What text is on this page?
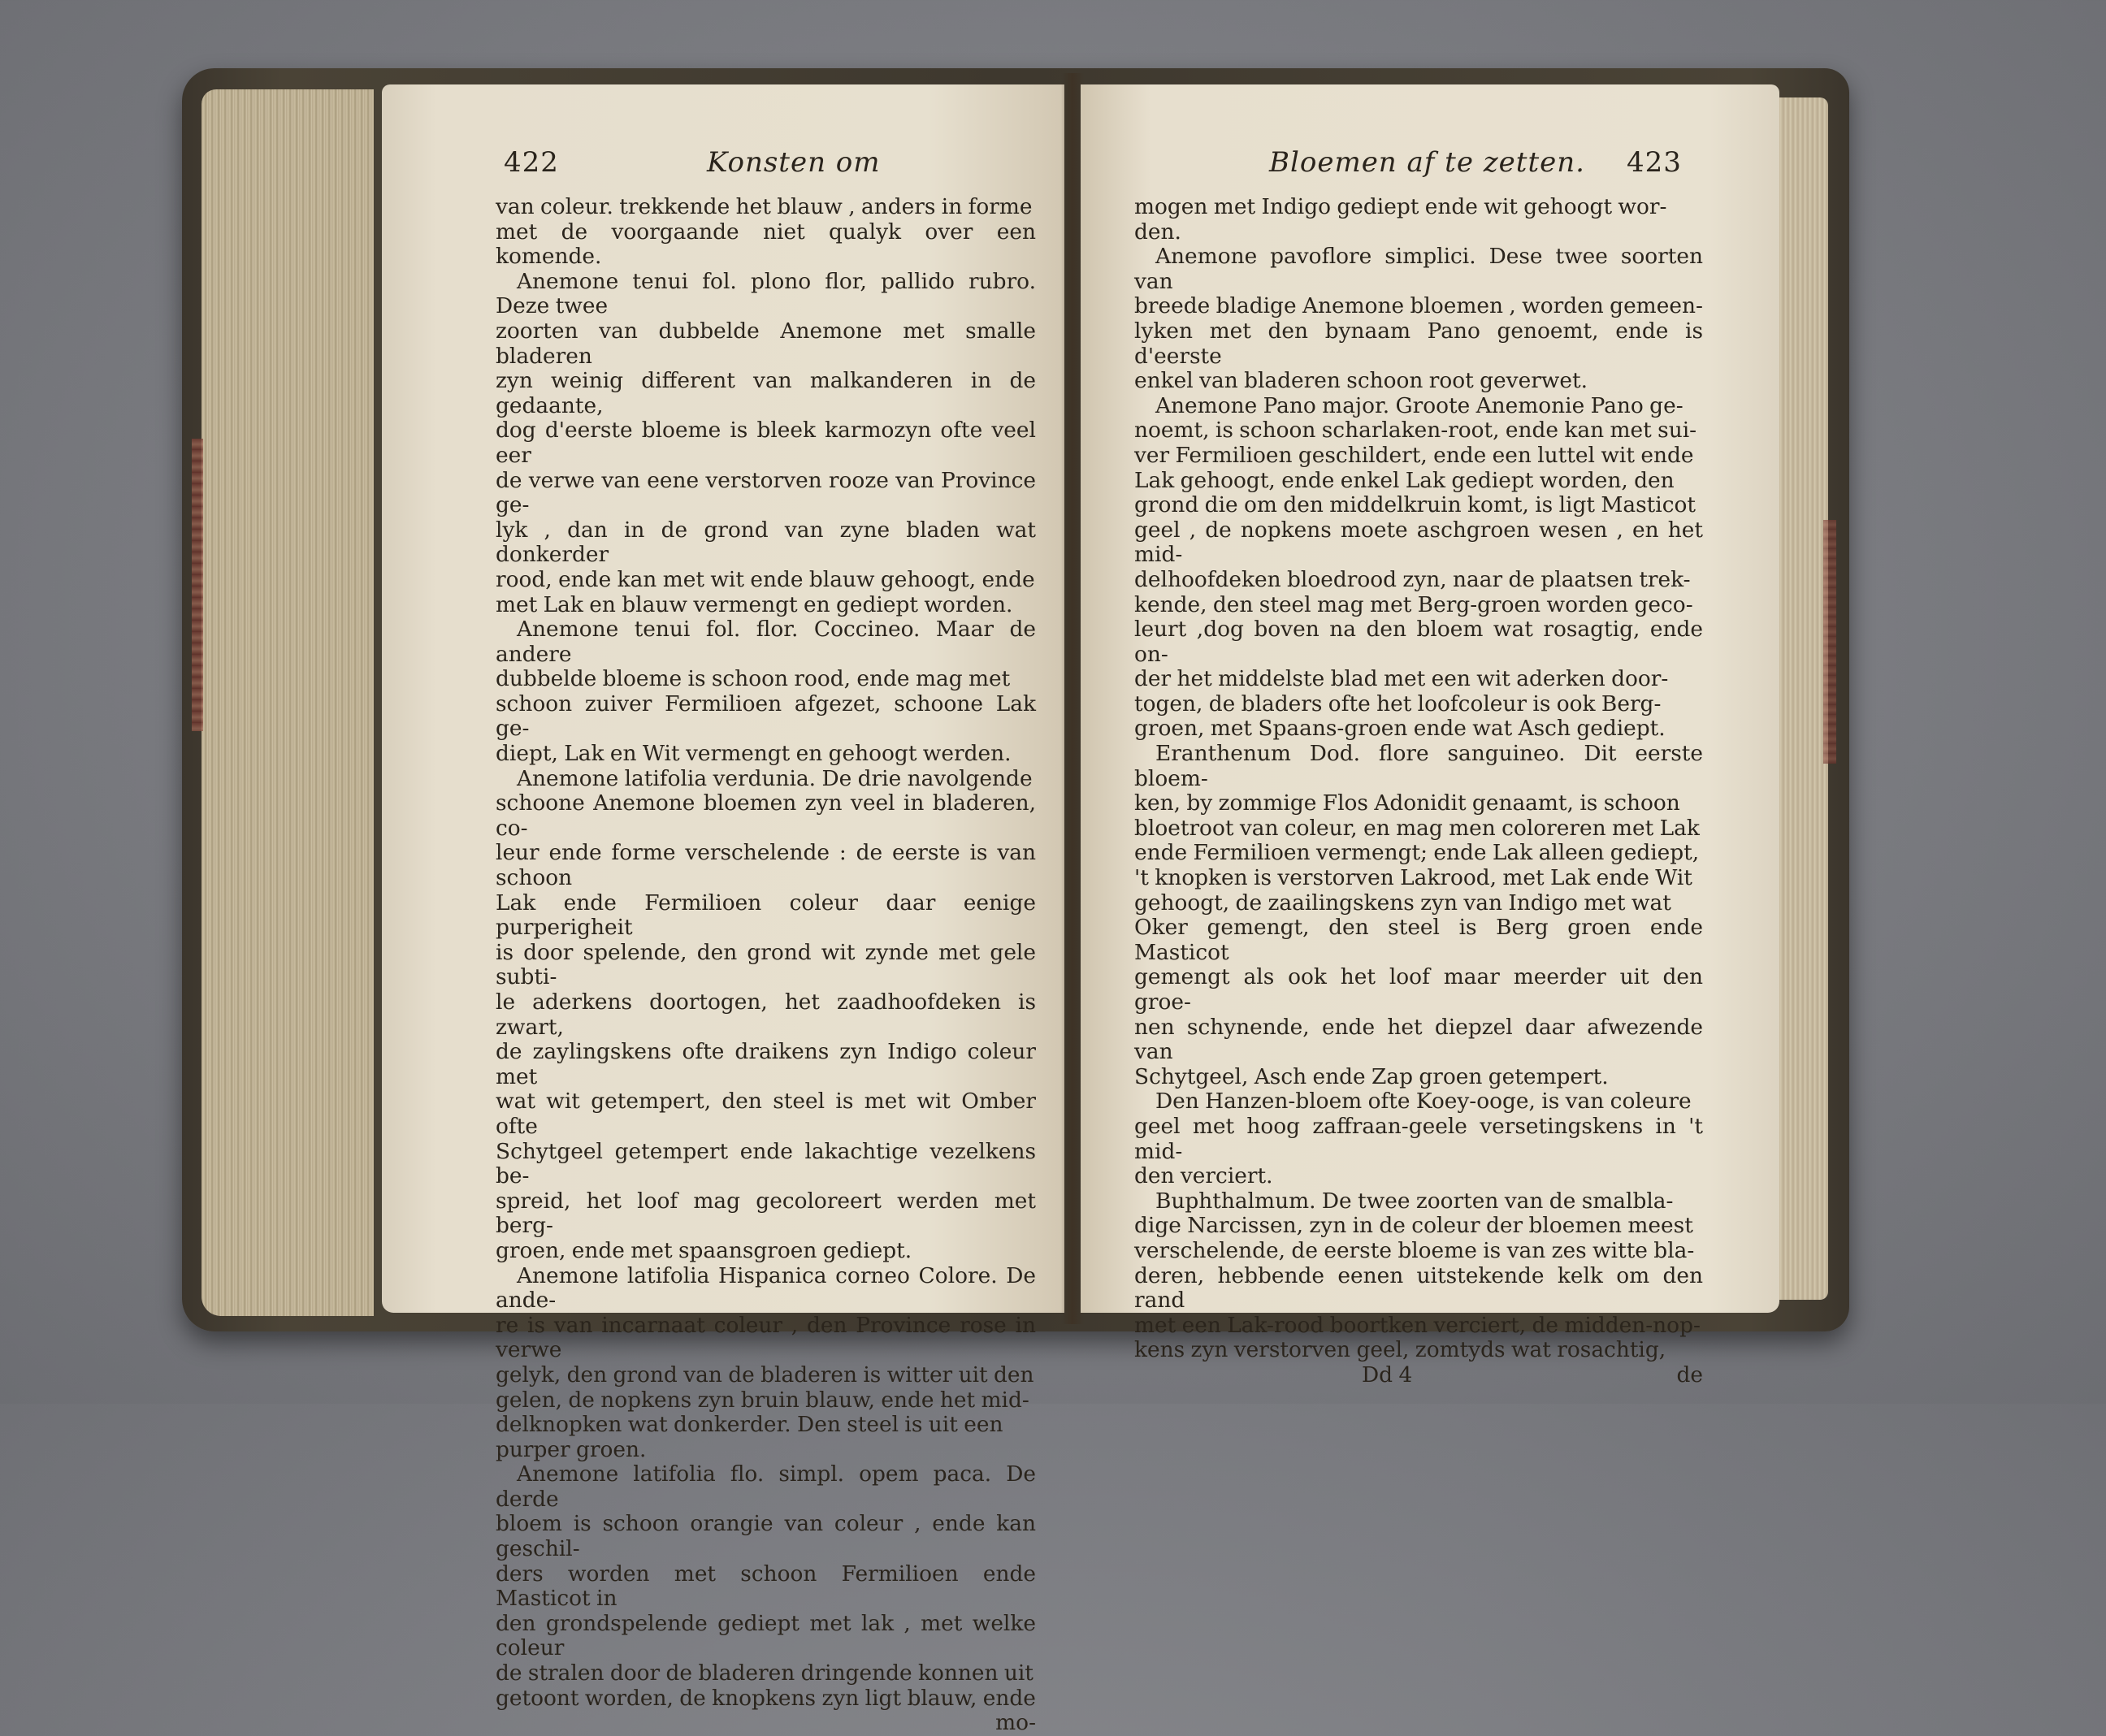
422	Konsten om

van coleur. trekkende het blauw , anders in forme

met de voorgaande niet qualyk over een komende.

Anemone tenui fol. plono flor, pallido rubro. Deze twee

zoorten van dubbelde Anemone met smalle bladeren

zyn weinig different van malkanderen in de gedaante,

dog d'eerste bloeme is bleek karmozyn ofte veel eer

de verwe van eene verstorven rooze van Province ge-

lyk , dan in de grond van zyne bladen wat donkerder

rood, ende kan met wit ende blauw gehoogt, ende

met Lak en blauw vermengt en gediept worden.

Anemone tenui fol. flor. Coccineo. Maar de andere

dubbelde bloeme is schoon rood, ende mag met

schoon zuiver Fermilioen afgezet, schoone Lak ge-

diept, Lak en Wit vermengt en gehoogt werden.

Anemone latifolia verdunia. De drie navolgende

schoone Anemone bloemen zyn veel in bladeren, co-

leur ende forme verschelende : de eerste is van schoon

Lak ende Fermilioen coleur daar eenige purperigheit

is door spelende, den grond wit zynde met gele subti-

le aderkens doortogen, het zaadhoofdeken is zwart,

de zaylingskens ofte draikens zyn Indigo coleur met

wat wit getempert, den steel is met wit Omber ofte

Schytgeel getempert ende lakachtige vezelkens be-

spreid, het loof mag gecoloreert werden met berg-

groen, ende met spaansgroen gediept.

Anemone latifolia Hispanica corneo Colore. De ande-

re is van incarnaat coleur , den Province rose in verwe

gelyk, den grond van de bladeren is witter uit den

gelen, de nopkens zyn bruin blauw, ende het mid-

delknopken wat donkerder. Den steel is uit een

purper groen.

Anemone latifolia flo. simpl. opem paca. De derde

bloem is schoon orangie van coleur , ende kan geschil-

ders worden met schoon Fermilioen ende Masticot in

den grondspelende gediept met lak , met welke coleur

de stralen door de bladeren dringende konnen uit

getoont worden, de knopkens zyn ligt blauw, ende

mo-

Bloemen af te zetten. 423

mogen met Indigo gediept ende wit gehoogt wor-

den.

Anemone pavoflore simplici. Dese twee soorten van

breede bladige Anemone bloemen , worden gemeen-

lyken met den bynaam Pano genoemt, ende is d'eerste

enkel van bladeren schoon root geverwet.

Anemone Pano major. Groote Anemonie Pano ge-

noemt, is schoon scharlaken-root, ende kan met sui-

ver Fermilioen geschildert, ende een luttel wit ende

Lak gehoogt, ende enkel Lak gediept worden, den

grond die om den middelkruin komt, is ligt Masticot

geel , de nopkens moete aschgroen wesen , en het mid-

delhoofdeken bloedrood zyn, naar de plaatsen trek-

kende, den steel mag met Berg-groen worden geco-

leurt ,dog boven na den bloem wat rosagtig, ende on-

der het middelste blad met een wit aderken door-

togen, de bladers ofte het loofcoleur is ook Berg-

groen, met Spaans-groen ende wat Asch gediept.

Eranthenum Dod. flore sanguineo. Dit eerste bloem-

ken, by zommige Flos Adonidit genaamt, is schoon

bloetroot van coleur, en mag men coloreren met Lak

ende Fermilioen vermengt; ende Lak alleen gediept,

't knopken is verstorven Lakrood, met Lak ende Wit

gehoogt, de zaailingskens zyn van Indigo met wat

Oker gemengt, den steel is Berg groen ende Masticot

gemengt als ook het loof maar meerder uit den groe-

nen schynende, ende het diepzel daar afwezende van

Schytgeel, Asch ende Zap groen getempert.

Den Hanzen-bloem ofte Koey-ooge, is van coleure

geel met hoog zaffraan-geele versetingskens in 't mid-

den verciert.

Buphthalmum. De twee zoorten van de smalbla-

dige Narcissen, zyn in de coleur der bloemen meest

verschelende, de eerste bloeme is van zes witte bla-

deren, hebbende eenen uitstekende kelk om den rand

met een Lak-rood boortken verciert, de midden-nop-

kens zyn verstorven geel, zomtyds wat rosachtig,

Dd 4	de
